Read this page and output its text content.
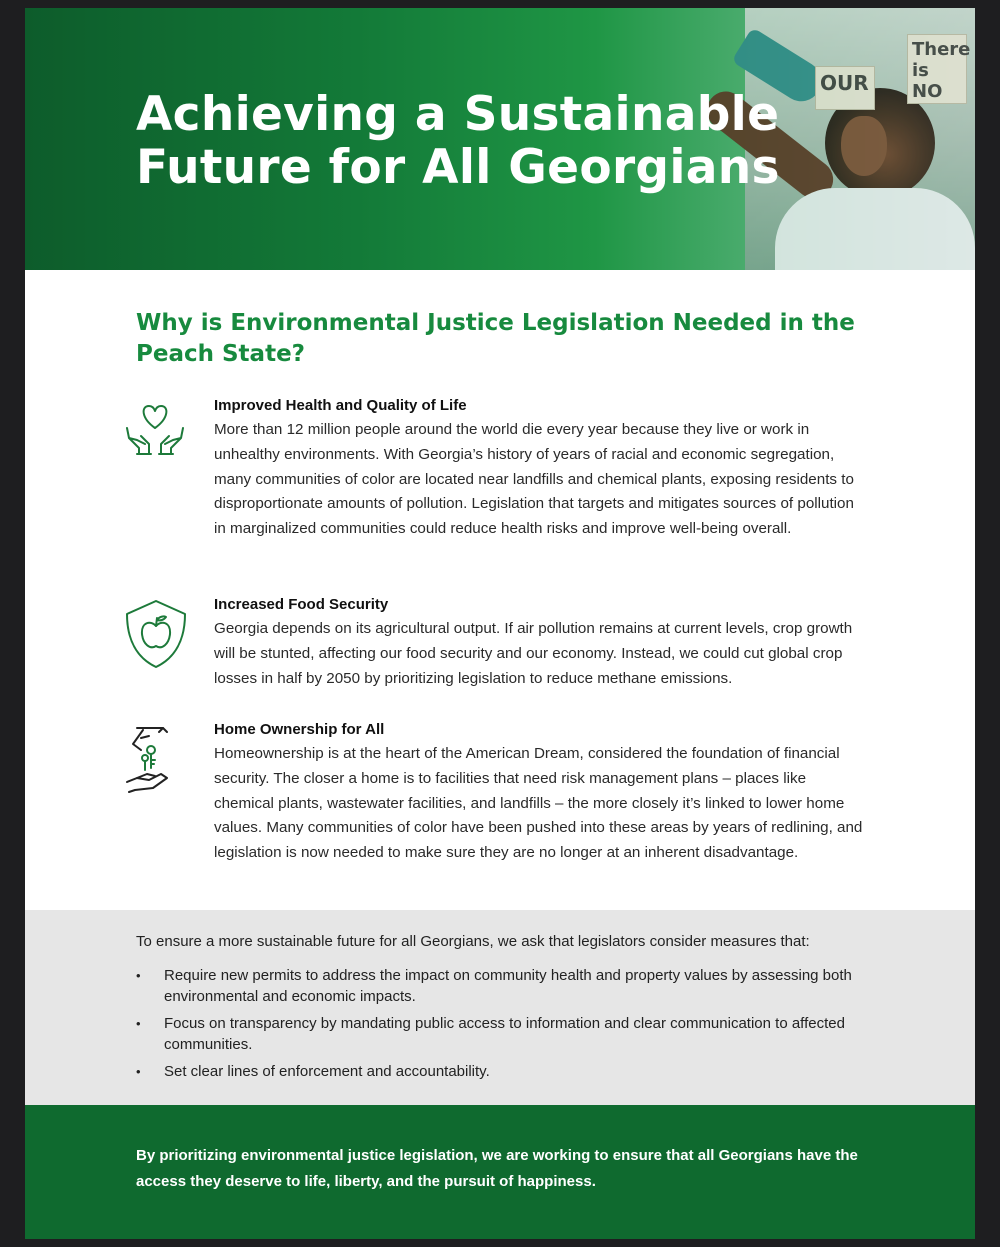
There is NO
OUR
Achieving a Sustainable
Future for All Georgians
Why is Environmental Justice Legislation Needed in the Peach State?
Improved Health and Quality of Life

More than 12 million people around the world die every year because they live or work in unhealthy environments. With Georgia’s history of years of racial and economic segregation, many communities of color are located near landfills and chemical plants, exposing residents to disproportionate amounts of pollution. Legislation that targets and mitigates sources of pollution in marginalized communities could reduce health risks and improve well-being overall.

Increased Food Security

Georgia depends on its agricultural output. If air pollution remains at current levels, crop growth will be stunted, affecting our food security and our economy. Instead, we could cut global crop losses in half by 2050 by prioritizing legislation to reduce methane emissions.

Home Ownership for All

Homeownership is at the heart of the American Dream, considered the foundation of financial security. The closer a home is to facilities that need risk management plans – places like chemical plants, wastewater facilities, and landfills – the more closely it’s linked to lower home values. Many communities of color have been pushed into these areas by years of redlining, and legislation is now needed to make sure they are no longer at an inherent disadvantage.

To ensure a more sustainable future for all Georgians, we ask that legislators consider measures that:

• Require new permits to address the impact on community health and property values by assessing both environmental and economic impacts.
• Focus on transparency by mandating public access to information and clear communication to affected communities.
• Set clear lines of enforcement and accountability.

By prioritizing environmental justice legislation, we are working to ensure that all Georgians have the access they deserve to life, liberty, and the pursuit of happiness.
